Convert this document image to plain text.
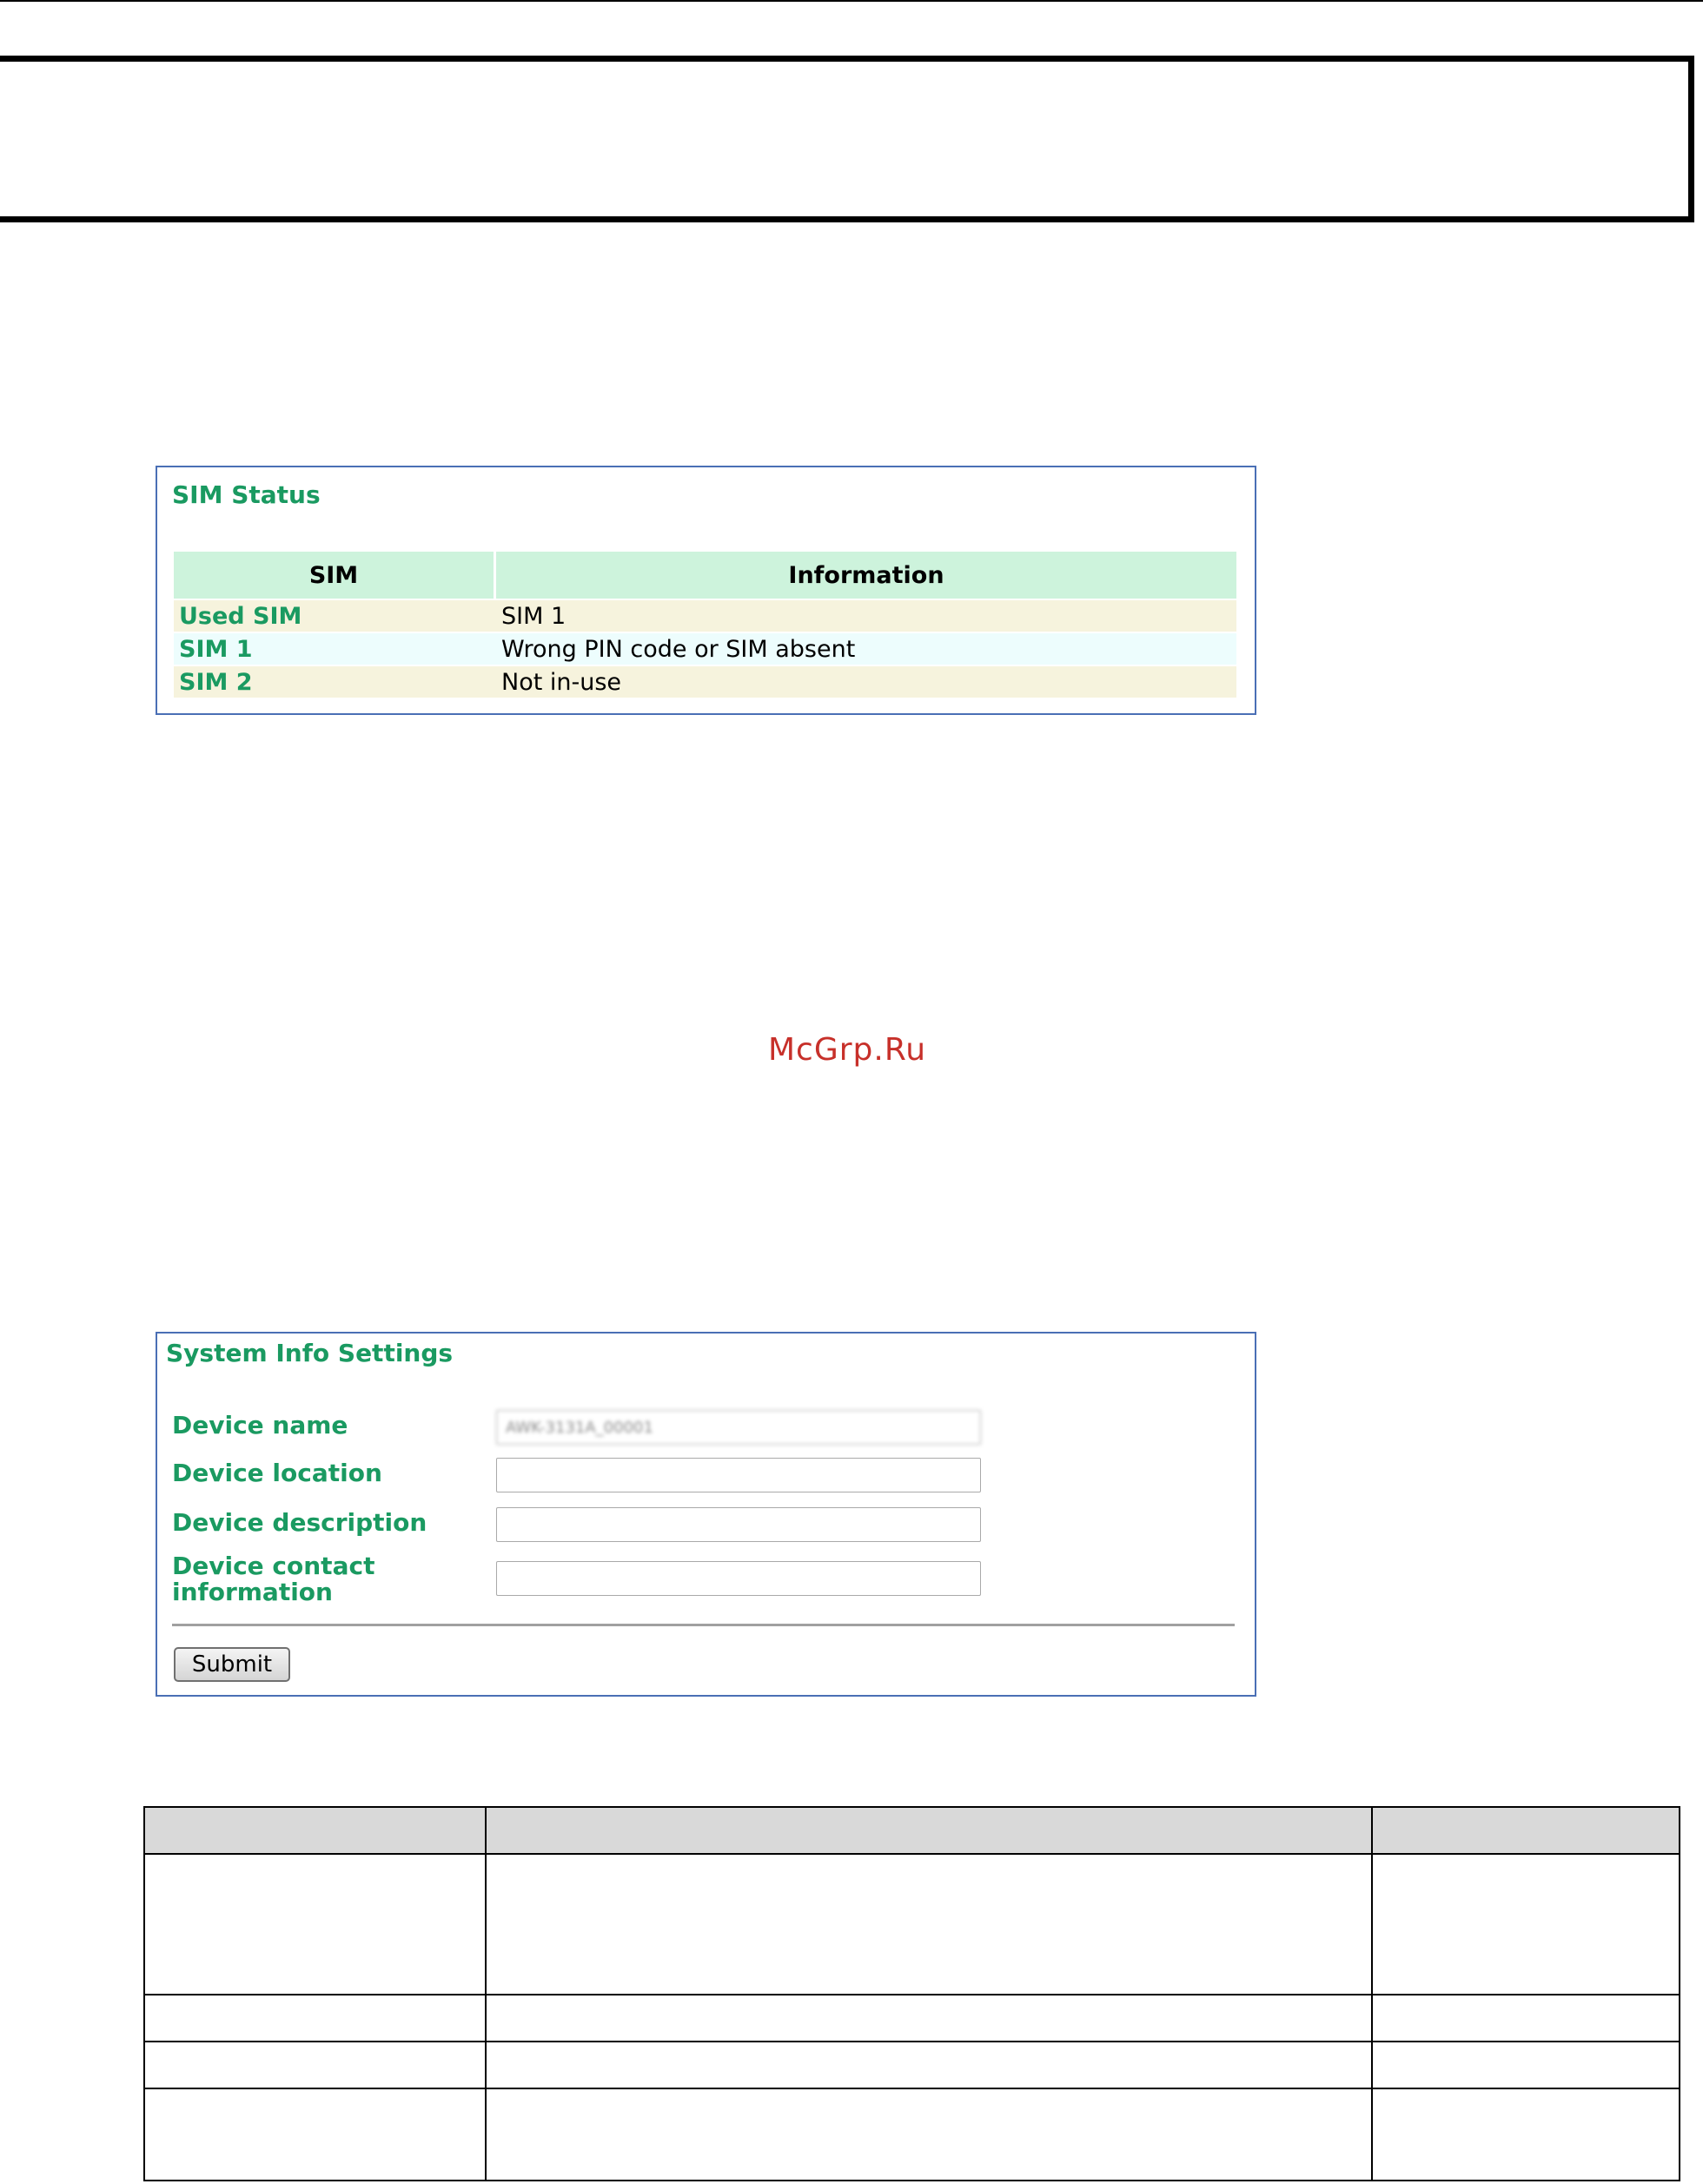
SIM Status
SIM	Information
Used SIM	SIM 1
SIM 1	Wrong PIN code or SIM absent
SIM 2	Not in-use
McGrp.Ru
System Info Settings
Device name
AWK-3131A_00001
Device location
Device description
Device contact information
Submit
